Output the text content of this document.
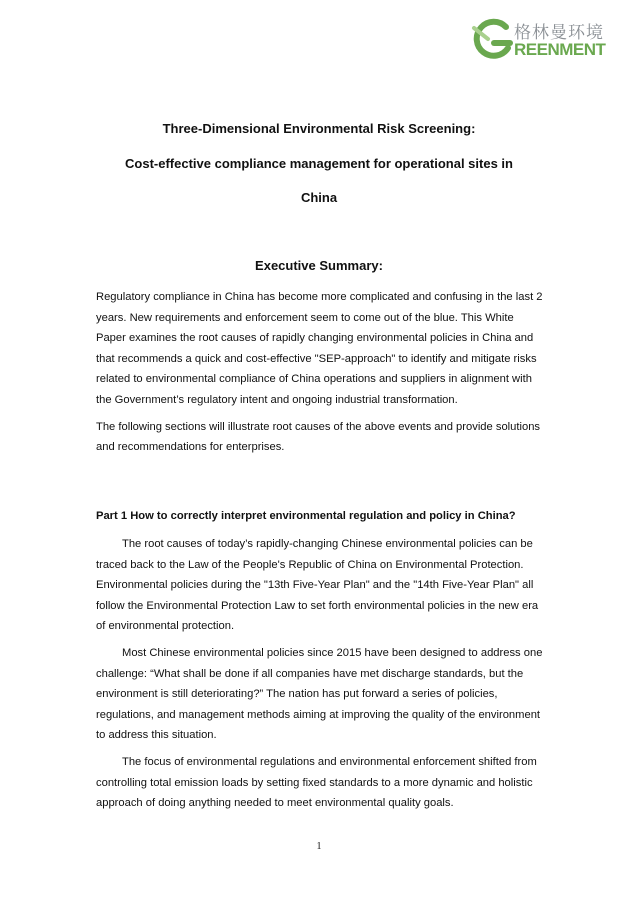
格林曼环境
REENMENT
Three-Dimensional Environmental Risk Screening:
Cost-effective compliance management for operational sites in
China
Executive Summary:

Regulatory compliance in China has become more complicated and confusing in the last 2 years. New requirements and enforcement seem to come out of the blue. This White Paper examines the root causes of rapidly changing environmental policies in China and that recommends a quick and cost-effective "SEP-approach" to identify and mitigate risks related to environmental compliance of China operations and suppliers in alignment with the Government’s regulatory intent and ongoing industrial transformation.

The following sections will illustrate root causes of the above events and provide solutions and recommendations for enterprises.

Part 1 How to correctly interpret environmental regulation and policy in China?

The root causes of today’s rapidly-changing Chinese environmental policies can be traced back to the Law of the People's Republic of China on Environmental Protection. Environmental policies during the "13th Five-Year Plan" and the "14th Five-Year Plan" all follow the Environmental Protection Law to set forth environmental policies in the new era of environmental protection.

Most Chinese environmental policies since 2015 have been designed to address one challenge: “What shall be done if all companies have met discharge standards, but the environment is still deteriorating?” The nation has put forward a series of policies, regulations, and management methods aiming at improving the quality of the environment to address this situation.

The focus of environmental regulations and environmental enforcement shifted from controlling total emission loads by setting fixed standards to a more dynamic and holistic approach of doing anything needed to meet environmental quality goals.

1
